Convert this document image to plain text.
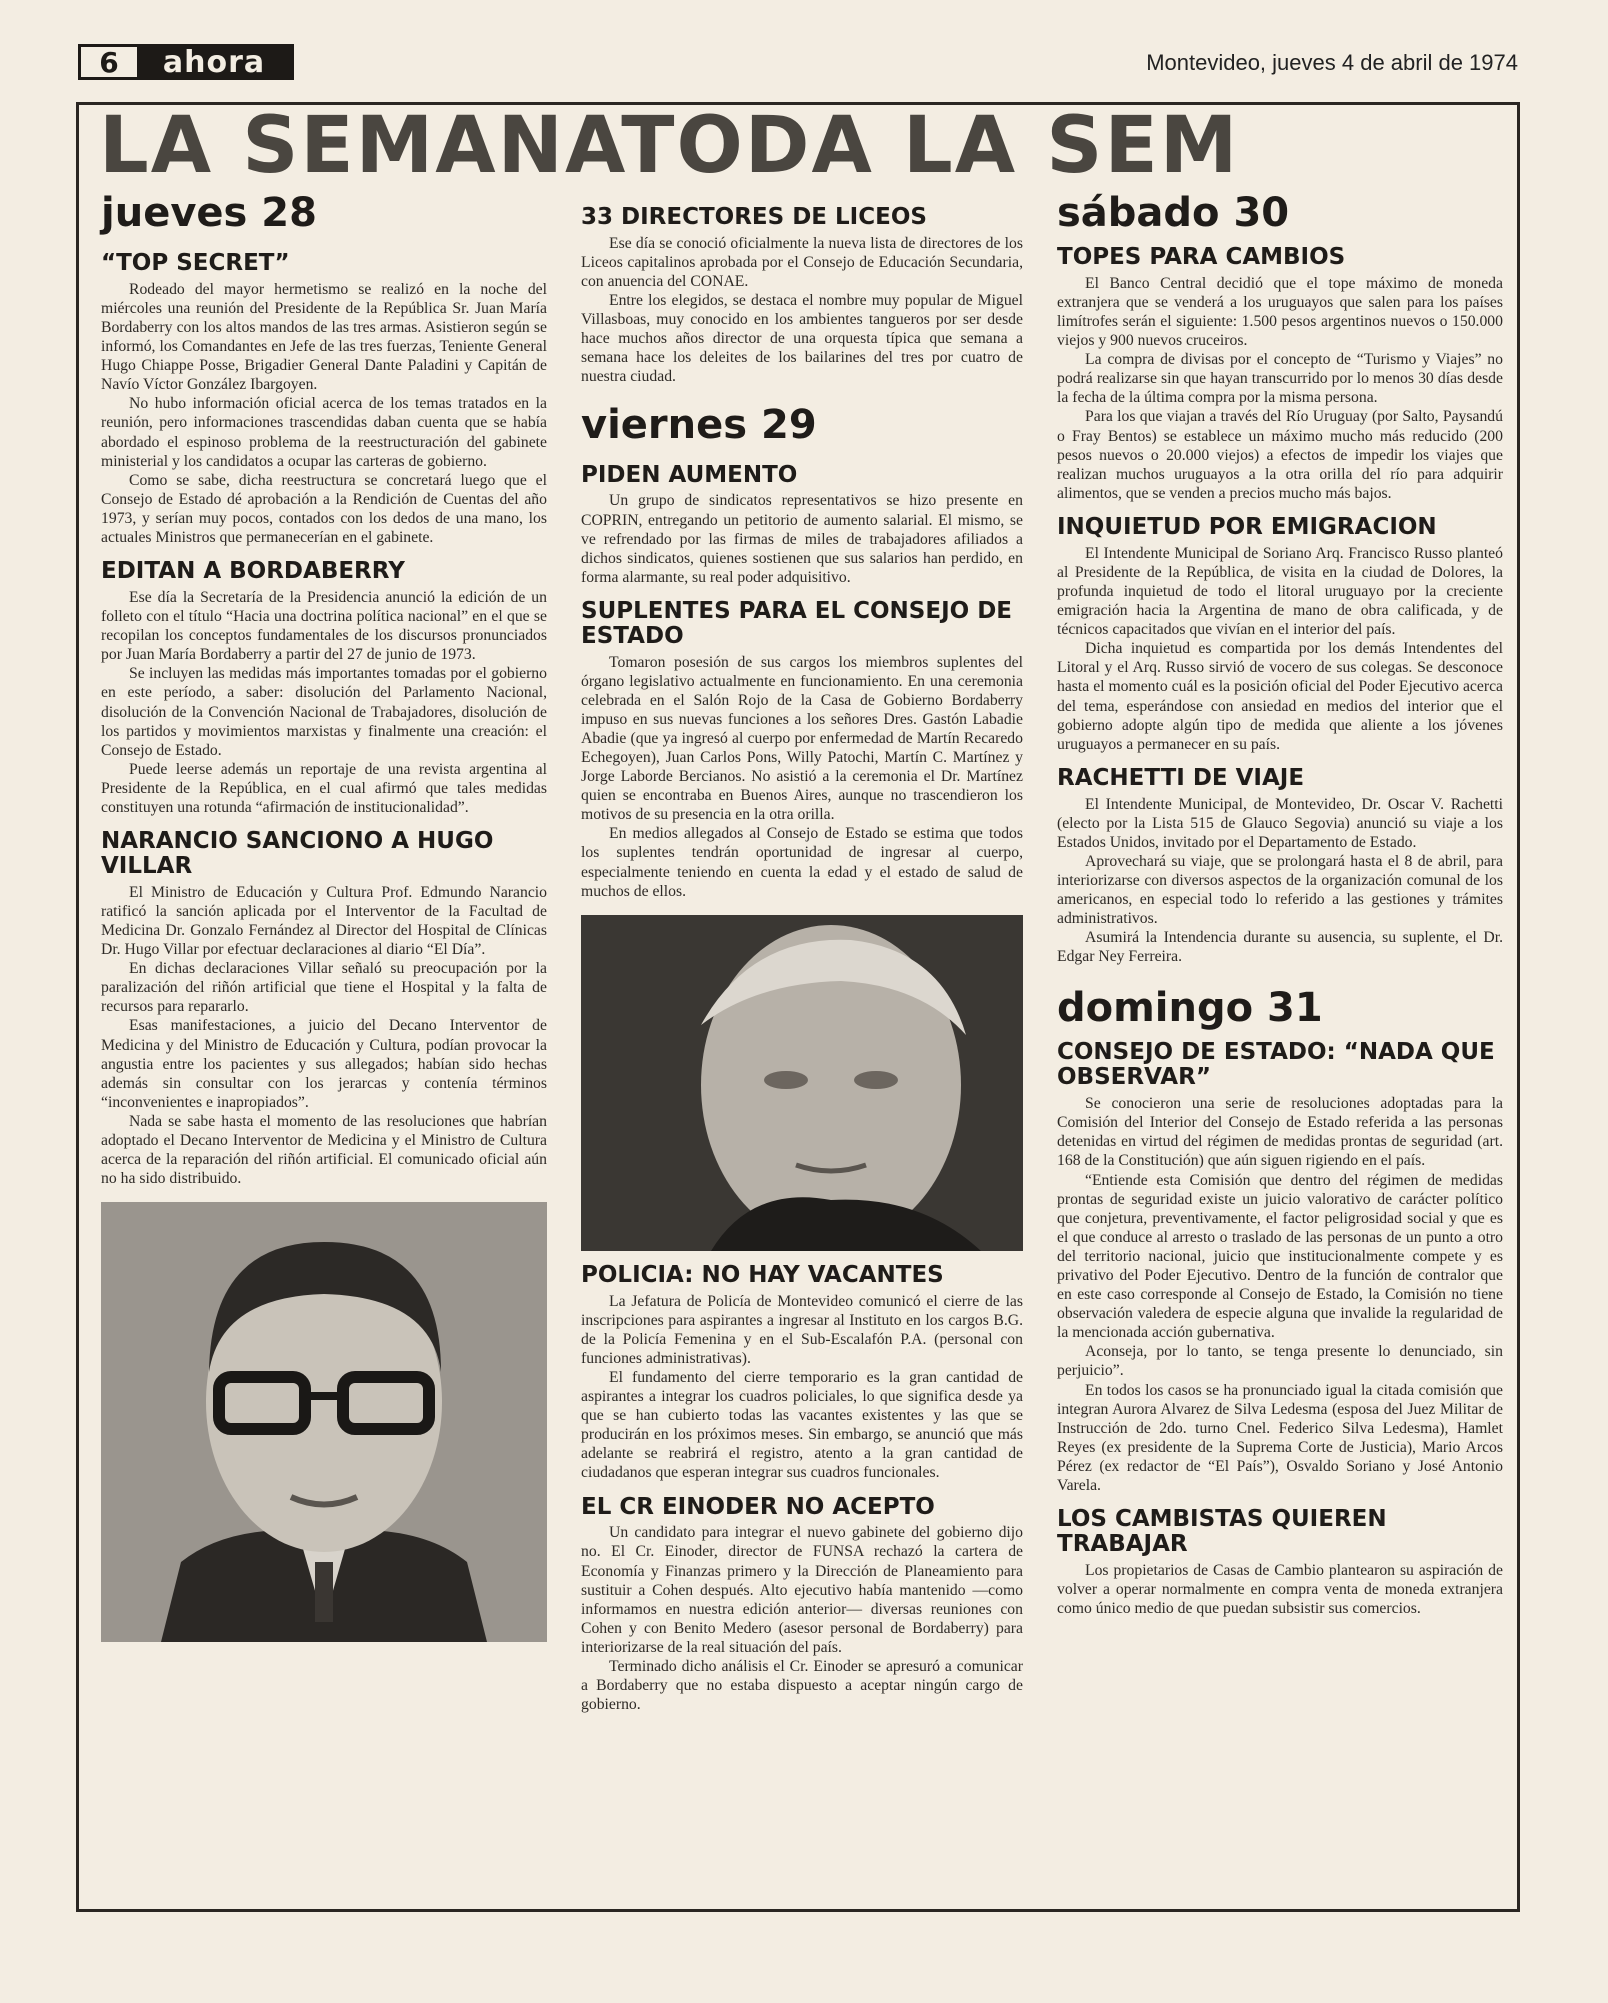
6	ahora	Montevideo, jueves 4 de abril de 1974
LA SEMANATODA LA SEM
jueves 28
“TOP SECRET”

Rodeado del mayor hermetismo se realizó en la noche del miércoles una reunión del Presidente de la República Sr. Juan María Bordaberry con los altos mandos de las tres armas. Asistieron según se informó, los Comandantes en Jefe de las tres fuerzas, Teniente General Hugo Chiappe Posse, Brigadier General Dante Paladini y Capitán de Navío Víctor González Ibargoyen.

No hubo información oficial acerca de los temas tratados en la reunión, pero informaciones trascendidas daban cuenta que se había abordado el espinoso problema de la reestructuración del gabinete ministerial y los candidatos a ocupar las carteras de gobierno.

Como se sabe, dicha reestructura se concretará luego que el Consejo de Estado dé aprobación a la Rendición de Cuentas del año 1973, y serían muy pocos, contados con los dedos de una mano, los actuales Ministros que permanecerían en el gabinete.

EDITAN A BORDABERRY

Ese día la Secretaría de la Presidencia anunció la edición de un folleto con el título “Hacia una doctrina política nacional” en el que se recopilan los conceptos fundamentales de los discursos pronunciados por Juan María Bordaberry a partir del 27 de junio de 1973.

Se incluyen las medidas más importantes tomadas por el gobierno en este período, a saber: disolución del Parlamento Nacional, disolución de la Convención Nacional de Trabajadores, disolución de los partidos y movimientos marxistas y finalmente una creación: el Consejo de Estado.

Puede leerse además un reportaje de una revista argentina al Presidente de la República, en el cual afirmó que tales medidas constituyen una rotunda “afirmación de institucionalidad”.

NARANCIO SANCIONO A HUGO VILLAR

El Ministro de Educación y Cultura Prof. Edmundo Narancio ratificó la sanción aplicada por el Interventor de la Facultad de Medicina Dr. Gonzalo Fernández al Director del Hospital de Clínicas Dr. Hugo Villar por efectuar declaraciones al diario “El Día”.

En dichas declaraciones Villar señaló su preocupación por la paralización del riñón artificial que tiene el Hospital y la falta de recursos para repararlo.

Esas manifestaciones, a juicio del Decano Interventor de Medicina y del Ministro de Educación y Cultura, podían provocar la angustia entre los pacientes y sus allegados; habían sido hechas además sin consultar con los jerarcas y contenía términos “inconvenientes e inapropiados”.

Nada se sabe hasta el momento de las resoluciones que habrían adoptado el Decano Interventor de Medicina y el Ministro de Cultura acerca de la reparación del riñón artificial. El comunicado oficial aún no ha sido distribuido.

33 DIRECTORES DE LICEOS

Ese día se conoció oficialmente la nueva lista de directores de los Liceos capitalinos aprobada por el Consejo de Educación Secundaria, con anuencia del CONAE.

Entre los elegidos, se destaca el nombre muy popular de Miguel Villasboas, muy conocido en los ambientes tangueros por ser desde hace muchos años director de una orquesta típica que semana a semana hace los deleites de los bailarines del tres por cuatro de nuestra ciudad.

viernes 29
PIDEN AUMENTO

Un grupo de sindicatos representativos se hizo presente en COPRIN, entregando un petitorio de aumento salarial. El mismo, se ve refrendado por las firmas de miles de trabajadores afiliados a dichos sindicatos, quienes sostienen que sus salarios han perdido, en forma alarmante, su real poder adquisitivo.

SUPLENTES PARA EL CONSEJO DE ESTADO

Tomaron posesión de sus cargos los miembros suplentes del órgano legislativo actualmente en funcionamiento. En una ceremonia celebrada en el Salón Rojo de la Casa de Gobierno Bordaberry impuso en sus nuevas funciones a los señores Dres. Gastón Labadie Abadie (que ya ingresó al cuerpo por enfermedad de Martín Recaredo Echegoyen), Juan Carlos Pons, Willy Patochi, Martín C. Martínez y Jorge Laborde Bercianos. No asistió a la ceremonia el Dr. Martínez quien se encontraba en Buenos Aires, aunque no trascendieron los motivos de su presencia en la otra orilla.

En medios allegados al Consejo de Estado se estima que todos los suplentes tendrán oportunidad de ingresar al cuerpo, especialmente teniendo en cuenta la edad y el estado de salud de muchos de ellos.

POLICIA: NO HAY VACANTES

La Jefatura de Policía de Montevideo comunicó el cierre de las inscripciones para aspirantes a ingresar al Instituto en los cargos B.G. de la Policía Femenina y en el Sub-Escalafón P.A. (personal con funciones administrativas).

El fundamento del cierre temporario es la gran cantidad de aspirantes a integrar los cuadros policiales, lo que significa desde ya que se han cubierto todas las vacantes existentes y las que se producirán en los próximos meses. Sin embargo, se anunció que más adelante se reabrirá el registro, atento a la gran cantidad de ciudadanos que esperan integrar sus cuadros funcionales.

EL CR EINODER NO ACEPTO

Un candidato para integrar el nuevo gabinete del gobierno dijo no. El Cr. Einoder, director de FUNSA rechazó la cartera de Economía y Finanzas primero y la Dirección de Planeamiento para sustituir a Cohen después. Alto ejecutivo había mantenido —como informamos en nuestra edición anterior— diversas reuniones con Cohen y con Benito Medero (asesor personal de Bordaberry) para interiorizarse de la real situación del país.

Terminado dicho análisis el Cr. Einoder se apresuró a comunicar a Bordaberry que no estaba dispuesto a aceptar ningún cargo de gobierno.

sábado 30
TOPES PARA CAMBIOS

El Banco Central decidió que el tope máximo de moneda extranjera que se venderá a los uruguayos que salen para los países limítrofes serán el siguiente: 1.500 pesos argentinos nuevos o 150.000 viejos y 900 nuevos cruceiros.

La compra de divisas por el concepto de “Turismo y Viajes” no podrá realizarse sin que hayan transcurrido por lo menos 30 días desde la fecha de la última compra por la misma persona.

Para los que viajan a través del Río Uruguay (por Salto, Paysandú o Fray Bentos) se establece un máximo mucho más reducido (200 pesos nuevos o 20.000 viejos) a efectos de impedir los viajes que realizan muchos uruguayos a la otra orilla del río para adquirir alimentos, que se venden a precios mucho más bajos.

INQUIETUD POR EMIGRACION

El Intendente Municipal de Soriano Arq. Francisco Russo planteó al Presidente de la República, de visita en la ciudad de Dolores, la profunda inquietud de todo el litoral uruguayo por la creciente emigración hacia la Argentina de mano de obra calificada, y de técnicos capacitados que vivían en el interior del país.

Dicha inquietud es compartida por los demás Intendentes del Litoral y el Arq. Russo sirvió de vocero de sus colegas. Se desconoce hasta el momento cuál es la posición oficial del Poder Ejecutivo acerca del tema, esperándose con ansiedad en medios del interior que el gobierno adopte algún tipo de medida que aliente a los jóvenes uruguayos a permanecer en su país.

RACHETTI DE VIAJE

El Intendente Municipal, de Montevideo, Dr. Oscar V. Rachetti (electo por la Lista 515 de Glauco Segovia) anunció su viaje a los Estados Unidos, invitado por el Departamento de Estado.

Aprovechará su viaje, que se prolongará hasta el 8 de abril, para interiorizarse con diversos aspectos de la organización comunal de los americanos, en especial todo lo referido a las gestiones y trámites administrativos.

Asumirá la Intendencia durante su ausencia, su suplente, el Dr. Edgar Ney Ferreira.

domingo 31
CONSEJO DE ESTADO: “NADA QUE OBSERVAR”

Se conocieron una serie de resoluciones adoptadas para la Comisión del Interior del Consejo de Estado referida a las personas detenidas en virtud del régimen de medidas prontas de seguridad (art. 168 de la Constitución) que aún siguen rigiendo en el país.

“Entiende esta Comisión que dentro del régimen de medidas prontas de seguridad existe un juicio valorativo de carácter político que conjetura, preventivamente, el factor peligrosidad social y que es el que conduce al arresto o traslado de las personas de un punto a otro del territorio nacional, juicio que institucionalmente compete y es privativo del Poder Ejecutivo. Dentro de la función de contralor que en este caso corresponde al Consejo de Estado, la Comisión no tiene observación valedera de especie alguna que invalide la regularidad de la mencionada acción gubernativa.

Aconseja, por lo tanto, se tenga presente lo denunciado, sin perjuicio”.

En todos los casos se ha pronunciado igual la citada comisión que integran Aurora Alvarez de Silva Ledesma (esposa del Juez Militar de Instrucción de 2do. turno Cnel. Federico Silva Ledesma), Hamlet Reyes (ex presidente de la Suprema Corte de Justicia), Mario Arcos Pérez (ex redactor de “El País”), Osvaldo Soriano y José Antonio Varela.

LOS CAMBISTAS QUIEREN TRABAJAR

Los propietarios de Casas de Cambio plantearon su aspiración de volver a operar normalmente en compra venta de moneda extranjera como único medio de que puedan subsistir sus comercios.
